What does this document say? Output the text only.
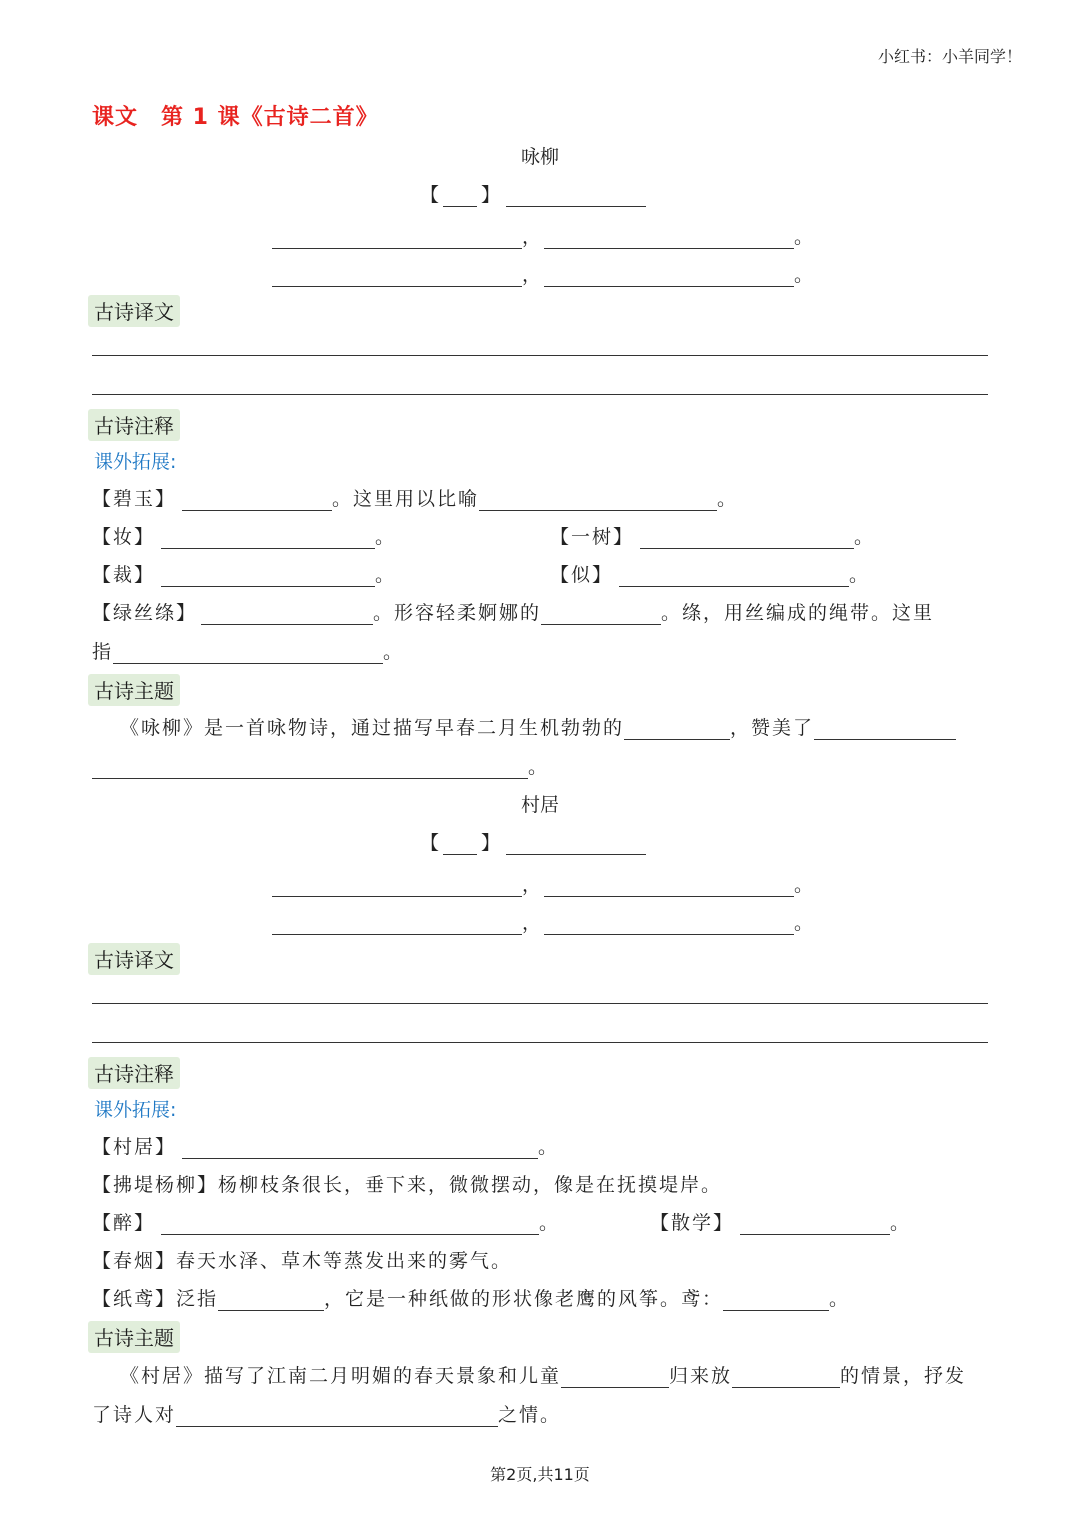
小红书：小羊同学！
课文　第 1 课《古诗二首》
咏柳
【 】
，	。
，	。
古诗译文
古诗注释
课外拓展:
【碧玉】	。这里用以比喻	。
【妆】	。	【一树】	。
【裁】	。	【似】	。
【绿丝绦】	。形容轻柔婀娜的	。绦，用丝编成的绳带。这里
指	。
古诗主题
《咏柳》是一首咏物诗，通过描写早春二月生机勃勃的	，赞美了
。
村居
【 】
，	。
，	。
古诗译文
古诗注释
课外拓展:
【村居】	。
【拂堤杨柳】 杨柳枝条很长，垂下来，微微摆动，像是在抚摸堤岸。
【醉】	。	【散学】	。
【春烟】 春天水泽、草木等蒸发出来的雾气。
【纸鸢】 泛指	，它是一种纸做的形状像老鹰的风筝。鸢：	。
古诗主题
《村居》描写了江南二月明媚的春天景象和儿童	归来放	的情景，抒发
了诗人对	之情。
第2页,共11页
